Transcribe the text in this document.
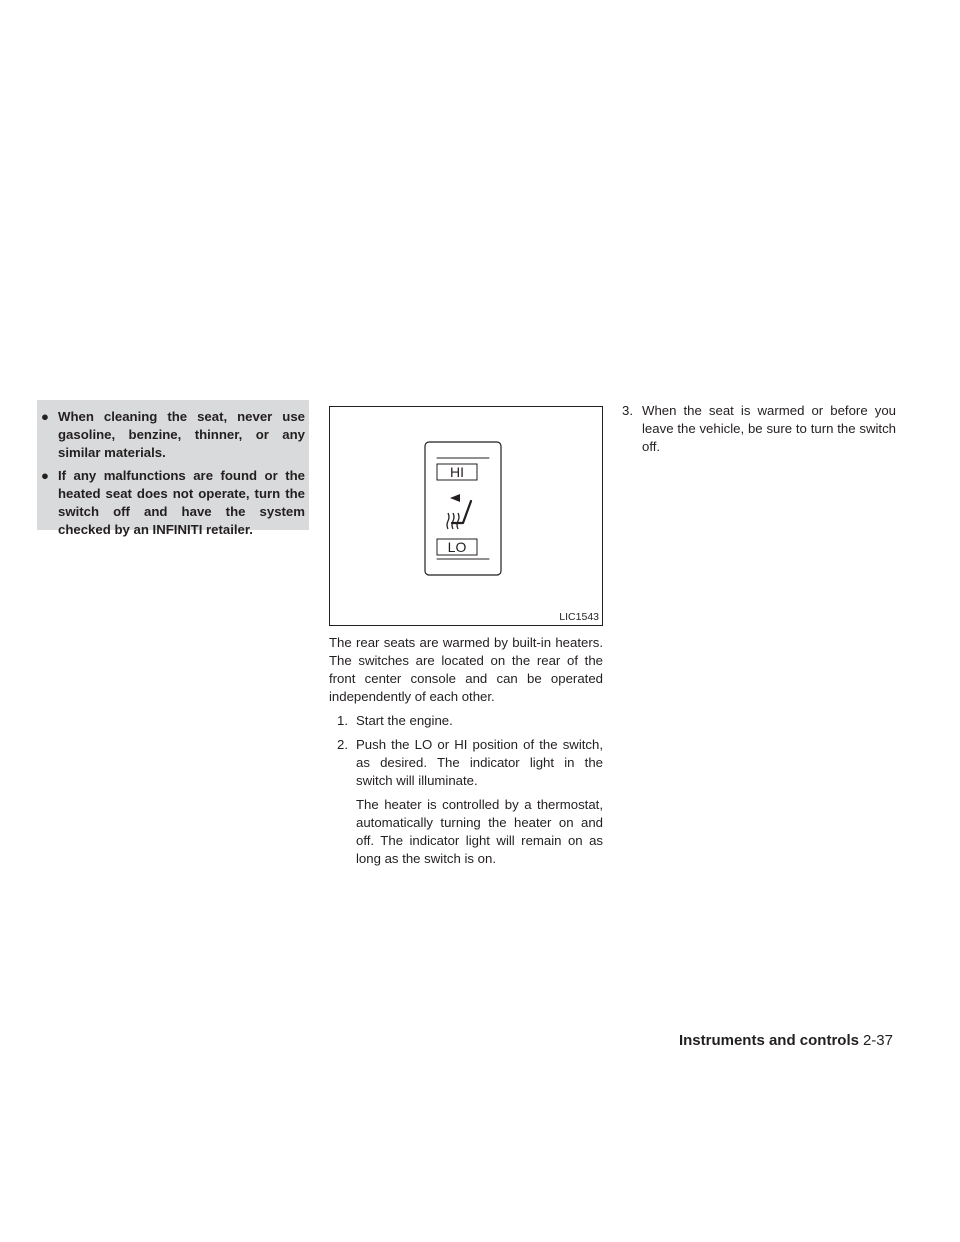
● When cleaning the seat, never use gasoline, benzine, thinner, or any similar materials.
● If any malfunctions are found or the heated seat does not operate, turn the switch off and have the system checked by an INFINITI retailer.
HI
LO
LIC1543

The rear seats are warmed by built-in heaters. The switches are located on the rear of the front center console and can be operated independently of each other.

1. Start the engine.
2. Push the LO or HI position of the switch, as desired. The indicator light in the switch will illuminate.
The heater is controlled by a thermostat, automatically turning the heater on and off. The indicator light will remain on as long as the switch is on.
3. When the seat is warmed or before you leave the vehicle, be sure to turn the switch off.
Instruments and controls 2-37
